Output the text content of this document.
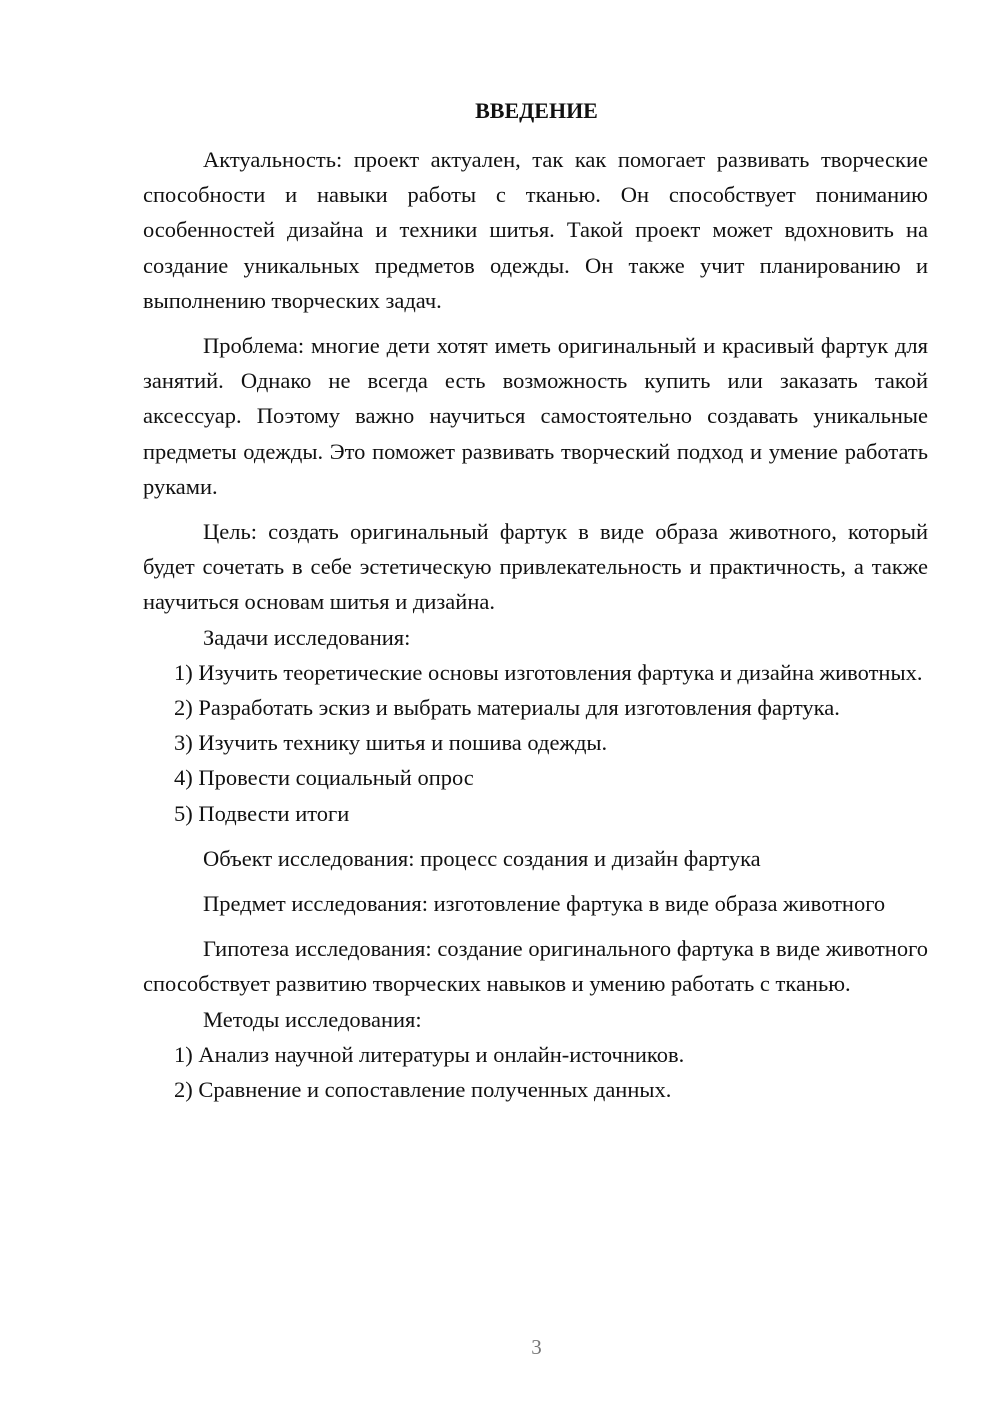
ВВЕДЕНИЕ

Актуальность: проект актуален, так как помогает развивать творческие способности и навыки работы с тканью. Он способствует пониманию особенностей дизайна и техники шитья. Такой проект может вдохновить на создание уникальных предметов одежды. Он также учит планированию и выполнению творческих задач.

Проблема: многие дети хотят иметь оригинальный и красивый фартук для занятий. Однако не всегда есть возможность купить или заказать такой аксессуар. Поэтому важно научиться самостоятельно создавать уникальные предметы одежды. Это поможет развивать творческий подход и умение работать руками.

Цель: создать оригинальный фартук в виде образа животного, который будет сочетать в себе эстетическую привлекательность и практичность, а также научиться основам шитья и дизайна.

Задачи исследования:

1) Изучить теоретические основы изготовления фартука и дизайна животных.

2) Разработать эскиз и выбрать материалы для изготовления фартука.

3) Изучить технику шитья и пошива одежды.

4) Провести социальный опрос

5) Подвести итоги

Объект исследования: процесс создания и дизайн фартука

Предмет исследования: изготовление фартука в виде образа животного

Гипотеза исследования: создание оригинального фартука в виде животного способствует развитию творческих навыков и умению работать с тканью.

Методы исследования:

1) Анализ научной литературы и онлайн-источников.

2) Сравнение и сопоставление полученных данных.

3
